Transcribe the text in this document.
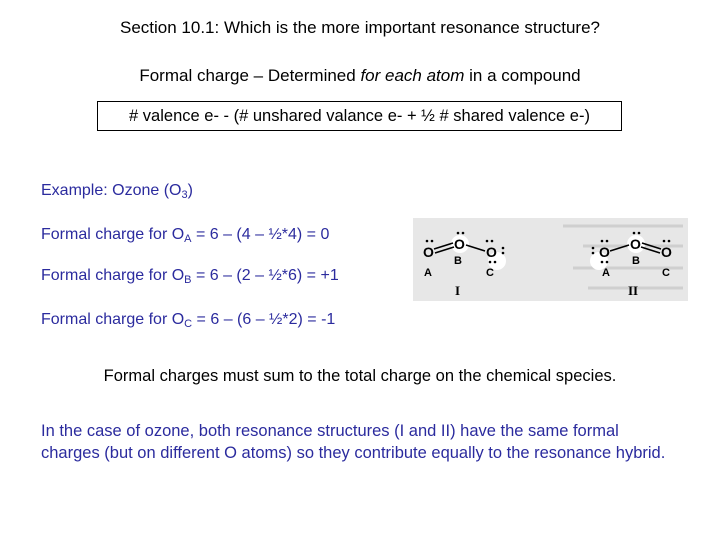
Section 10.1: Which is the more important resonance structure?
Formal charge – Determined for each atom in a compound
# valence e- - (# unshared valance e- + ½ # shared valence e-)
Example: Ozone $(O_3)$
Formal charge for $O_A = 6 - (4$ – ½*4) = 0
Formal charge for $O_B = 6 - (2$ – ½*6) = +1
Formal charge for $O_C = 6 - (6$ – ½*2) = -1
O O O
A
B
C
I
O O O
A
B
C
II
Formal charges must sum to the total charge on the chemical species.
In the case of ozone, both resonance structures (I and II) have the same formal charges (but on different O atoms) so they contribute equally to the resonance hybrid.
